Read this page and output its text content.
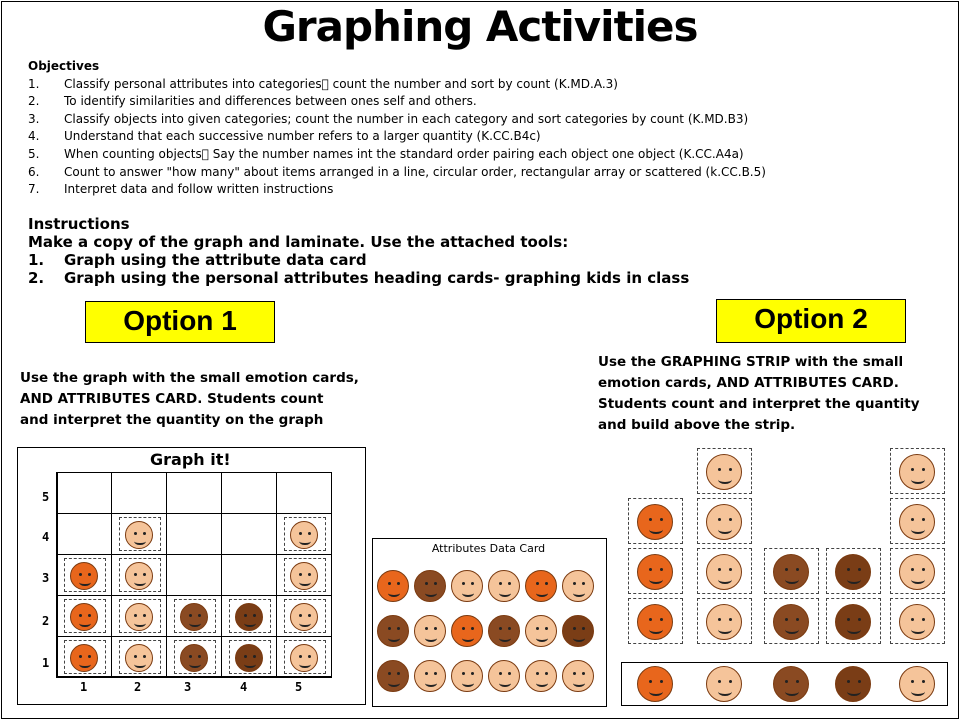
Graphing Activities
Objectives
1.	Classify personal attributes into categories  count the number and sort by count (K.MD.A.3)
2.	To identify similarities and differences between ones self and others.
3.	Classify objects into given categories; count the number in each category and sort categories by count (K.MD.B3)
4.	Understand that each successive number refers to a larger quantity (K.CC.B4c)
5.	When counting objects  Say the number names int the standard order pairing each object one object (K.CC.A4a)
6.	Count to answer "how many" about items arranged in a line, circular order, rectangular array or scattered (k.CC.B.5)
7.	Interpret data and follow written instructions
Instructions
Make a copy of the graph and laminate. Use the attached tools:
1.	Graph using the attribute data card
2.	Graph using the personal attributes heading cards- graphing kids in class
Option 1	Option 2
Use the graph with the small emotion cards,
AND ATTRIBUTES CARD. Students count
and interpret the quantity on the graph
Use the GRAPHING STRIP with the small
emotion cards, AND ATTRIBUTES CARD.
Students count and interpret the quantity
and build above the strip.
Graph it!
5
4
3
2
1
1	2	3	4	5
Attributes Data Card
